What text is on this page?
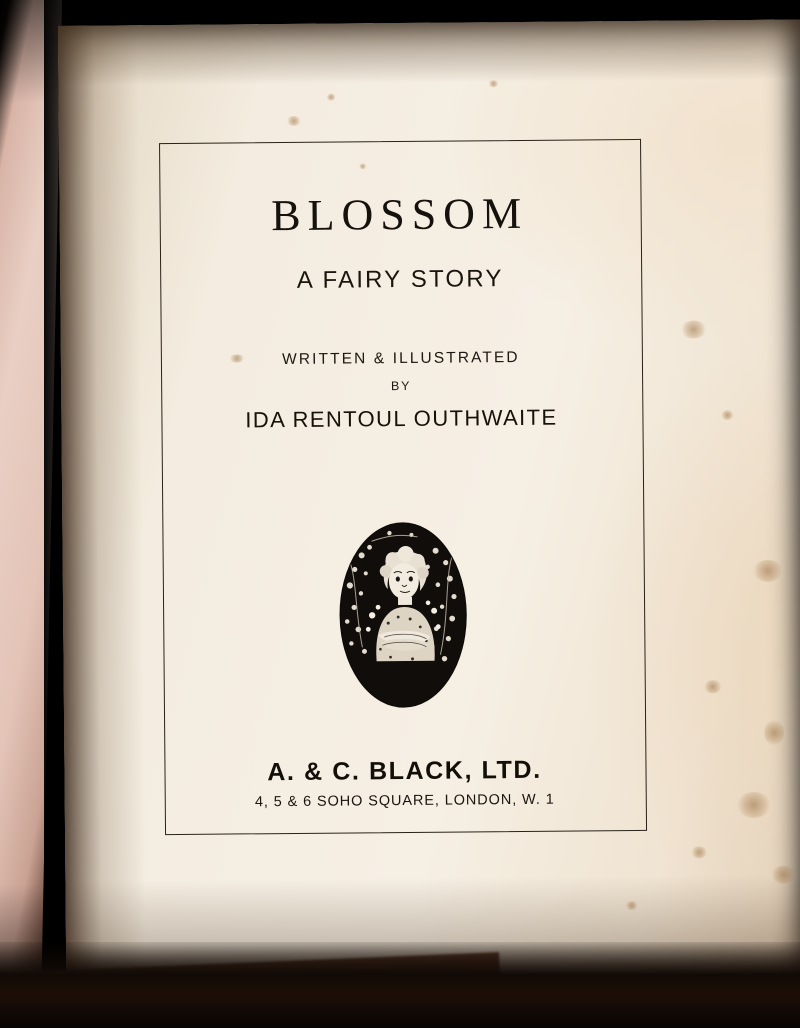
BLOSSOM
A FAIRY STORY
WRITTEN & ILLUSTRATED
BY
IDA RENTOUL OUTHWAITE
A. & C. BLACK, LTD.
4, 5 & 6 SOHO SQUARE, LONDON, W. 1
